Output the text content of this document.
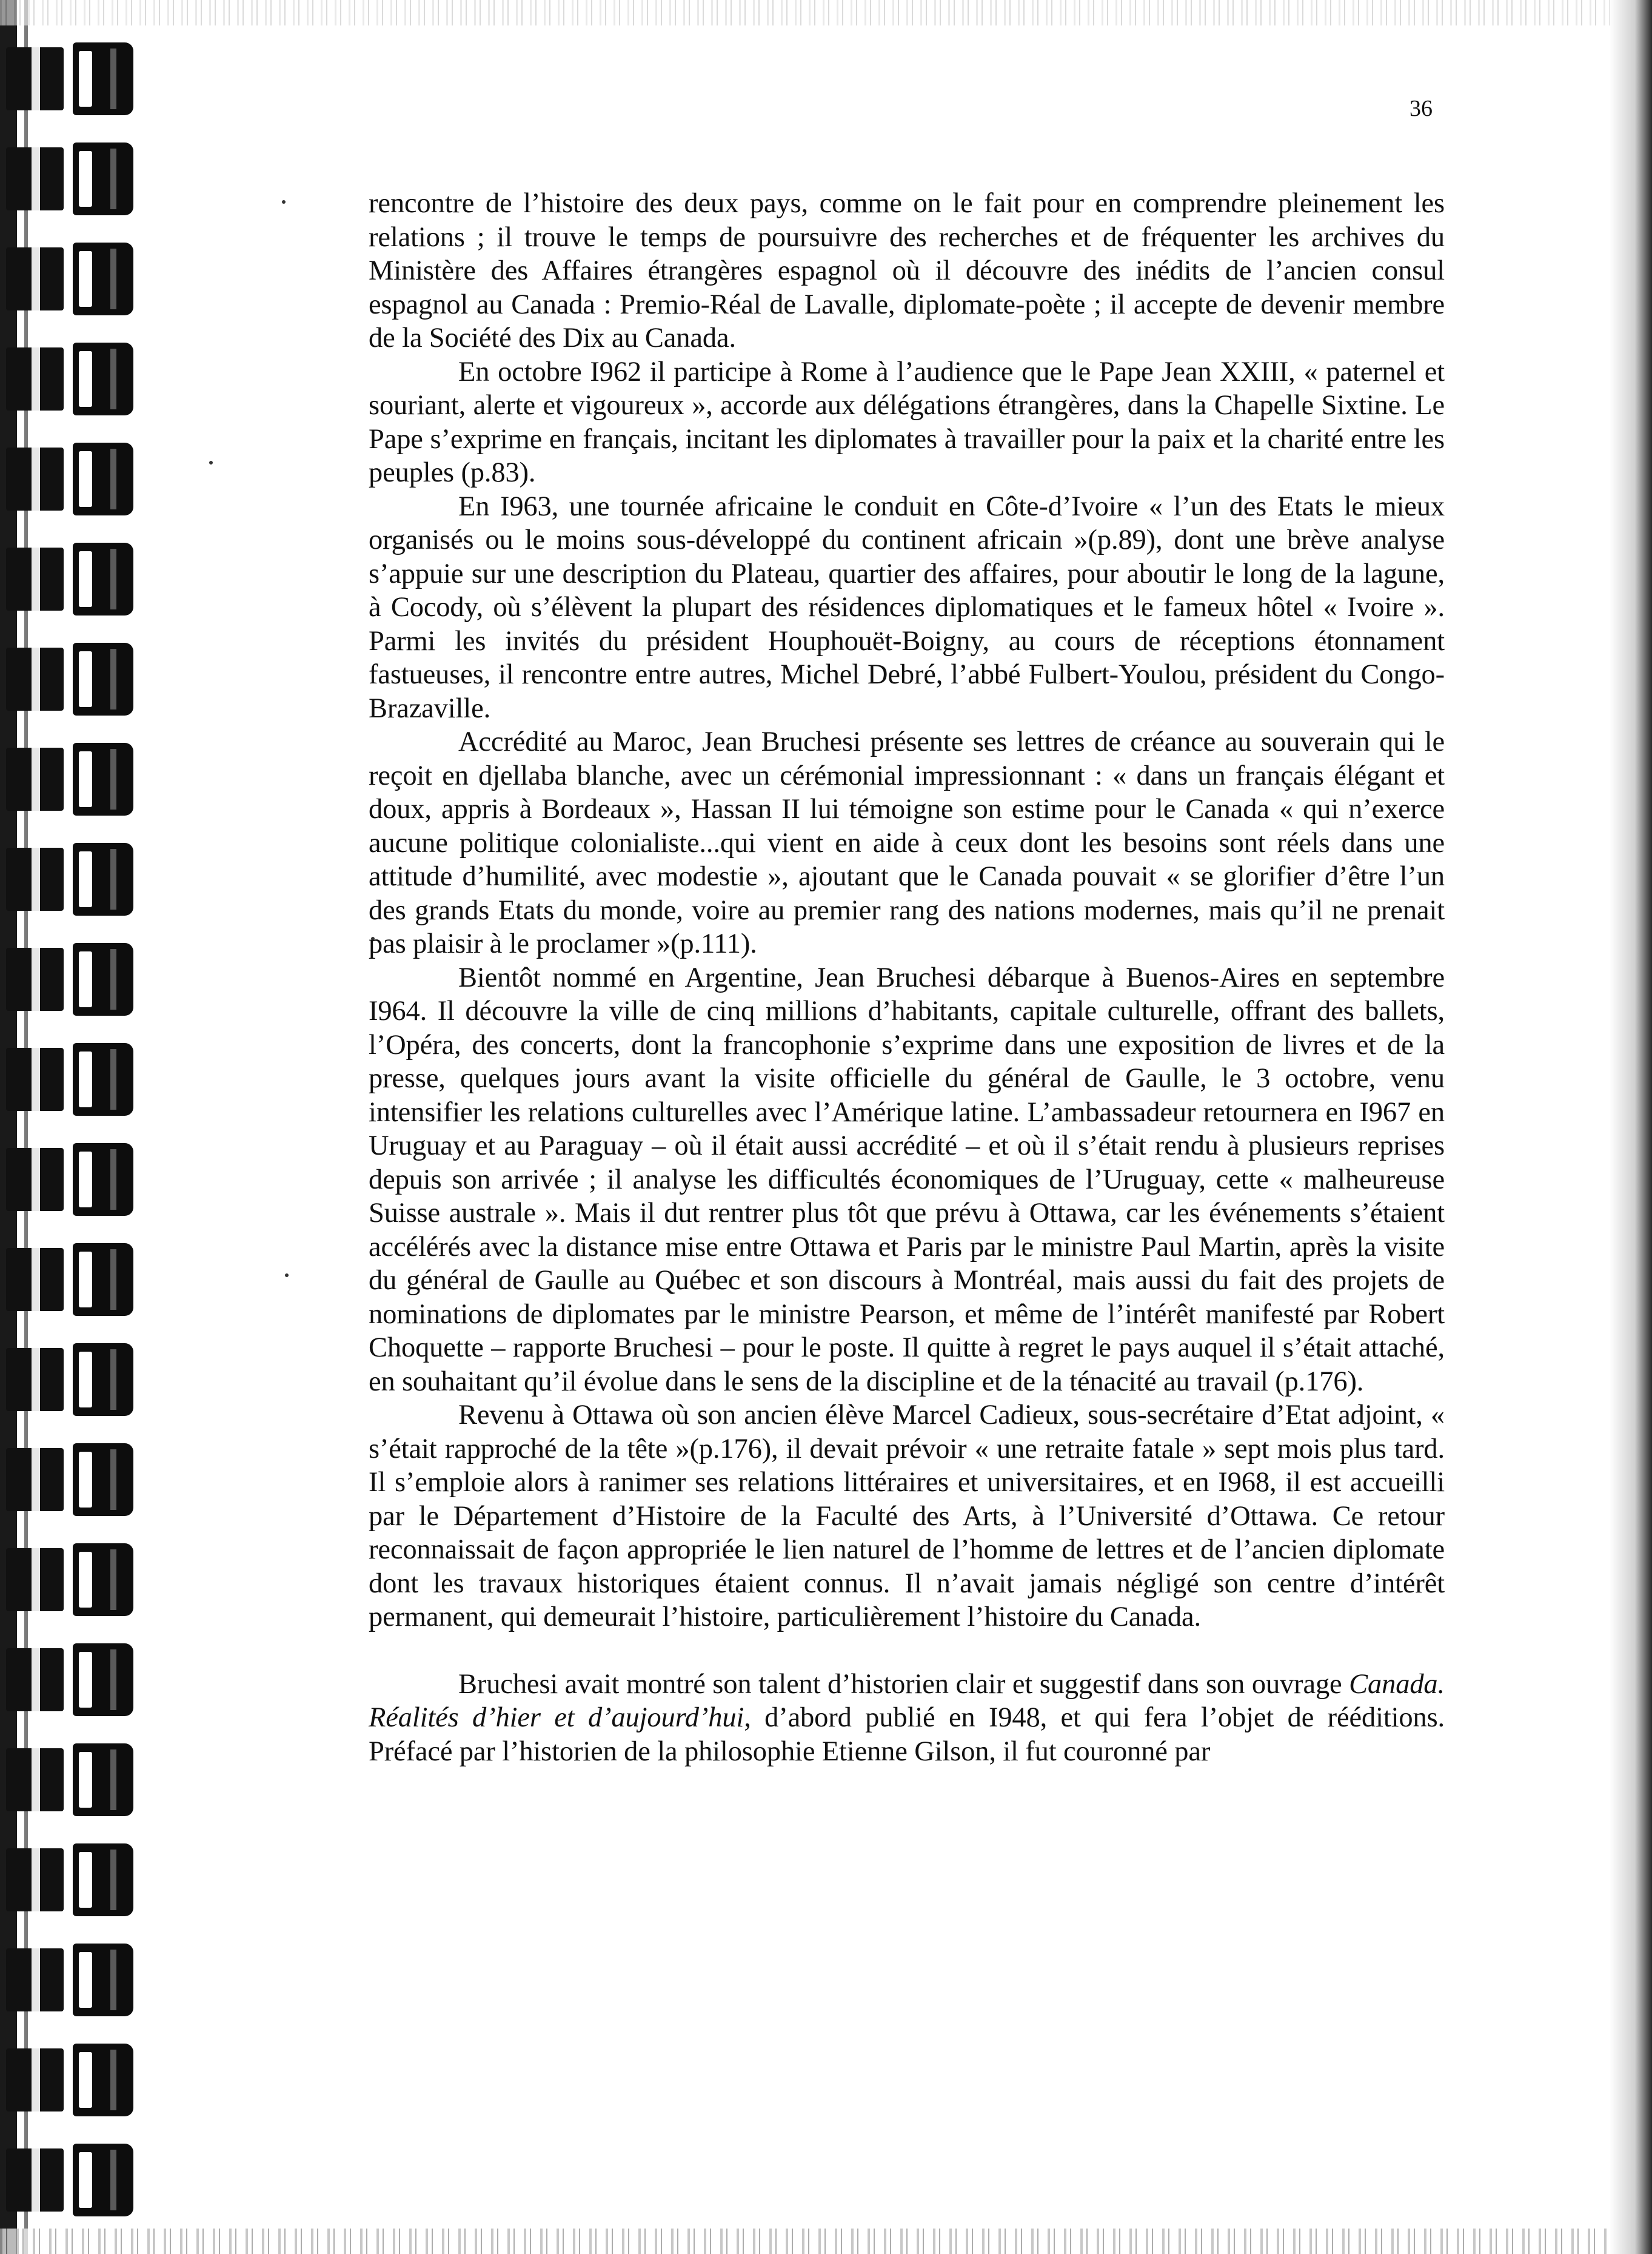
36

rencontre de l’histoire des deux pays, comme on le fait pour en comprendre pleinement les relations ; il trouve le temps de poursuivre des recherches et de fréquenter les archives du Ministère des Affaires étrangères espagnol où il découvre des inédits de l’ancien consul espagnol au Canada : Premio-Réal de Lavalle, diplomate-poète ; il accepte de devenir membre de la Société des Dix au Canada.

En octobre I962 il participe à Rome à l’audience que le Pape Jean XXIII, « paternel et souriant, alerte et vigoureux », accorde aux délégations étrangères, dans la Chapelle Sixtine. Le Pape s’exprime en français, incitant les diplomates à travailler pour la paix et la charité entre les peuples (p.83).

En I963, une tournée africaine le conduit en Côte-d’Ivoire « l’un des Etats le mieux organisés ou le moins sous-développé du continent africain »(p.89), dont une brève analyse s’appuie sur une description du Plateau, quartier des affaires, pour aboutir le long de la lagune, à Cocody, où s’élèvent la plupart des résidences diplomatiques et le fameux hôtel « Ivoire ». Parmi les invités du président Houphouët-Boigny, au cours de réceptions étonnament fastueuses, il rencontre entre autres, Michel Debré, l’abbé Fulbert-Youlou, président du Congo-Brazaville.

Accrédité au Maroc, Jean Bruchesi présente ses lettres de créance au souverain qui le reçoit en djellaba blanche, avec un cérémonial impressionnant : « dans un français élégant et doux, appris à Bordeaux », Hassan II lui témoigne son estime pour le Canada « qui n’exerce aucune politique colonialiste...qui vient en aide à ceux dont les besoins sont réels dans une attitude d’humilité, avec modestie », ajoutant que le Canada pouvait « se glorifier d’être l’un des grands Etats du monde, voire au premier rang des nations modernes, mais qu’il ne prenait pas plaisir à le proclamer »(p.111).

Bientôt nommé en Argentine, Jean Bruchesi débarque à Buenos-Aires en septembre I964. Il découvre la ville de cinq millions d’habitants, capitale culturelle, offrant des ballets, l’Opéra, des concerts, dont la francophonie s’exprime dans une exposition de livres et de la presse, quelques jours avant la visite officielle du général de Gaulle, le 3 octobre, venu intensifier les relations culturelles avec l’Amérique latine. L’ambassadeur retournera en I967 en Uruguay et au Paraguay – où il était aussi accrédité – et où il s’était rendu à plusieurs reprises depuis son arrivée ; il analyse les difficultés économiques de l’Uruguay, cette « malheureuse Suisse australe ». Mais il dut rentrer plus tôt que prévu à Ottawa, car les événements s’étaient accélérés avec la distance mise entre Ottawa et Paris par le ministre Paul Martin, après la visite du général de Gaulle au Québec et son discours à Montréal, mais aussi du fait des projets de nominations de diplomates par le ministre Pearson, et même de l’intérêt manifesté par Robert Choquette – rapporte Bruchesi – pour le poste. Il quitte à regret le pays auquel il s’était attaché, en souhaitant qu’il évolue dans le sens de la discipline et de la ténacité au travail (p.176).

Revenu à Ottawa où son ancien élève Marcel Cadieux, sous-secrétaire d’Etat adjoint, « s’était rapproché de la tête »(p.176), il devait prévoir « une retraite fatale » sept mois plus tard. Il s’emploie alors à ranimer ses relations littéraires et universitaires, et en I968, il est accueilli par le Département d’Histoire de la Faculté des Arts, à l’Université d’Ottawa. Ce retour reconnaissait de façon appropriée le lien naturel de l’homme de lettres et de l’ancien diplomate dont les travaux historiques étaient connus. Il n’avait jamais négligé son centre d’intérêt permanent, qui demeurait l’histoire, particulièrement l’histoire du Canada.

Bruchesi avait montré son talent d’historien clair et suggestif dans son ouvrage Canada. Réalités d’hier et d’aujourd’hui, d’abord publié en I948, et qui fera l’objet de rééditions. Préfacé par l’historien de la philosophie Etienne Gilson, il fut couronné par
